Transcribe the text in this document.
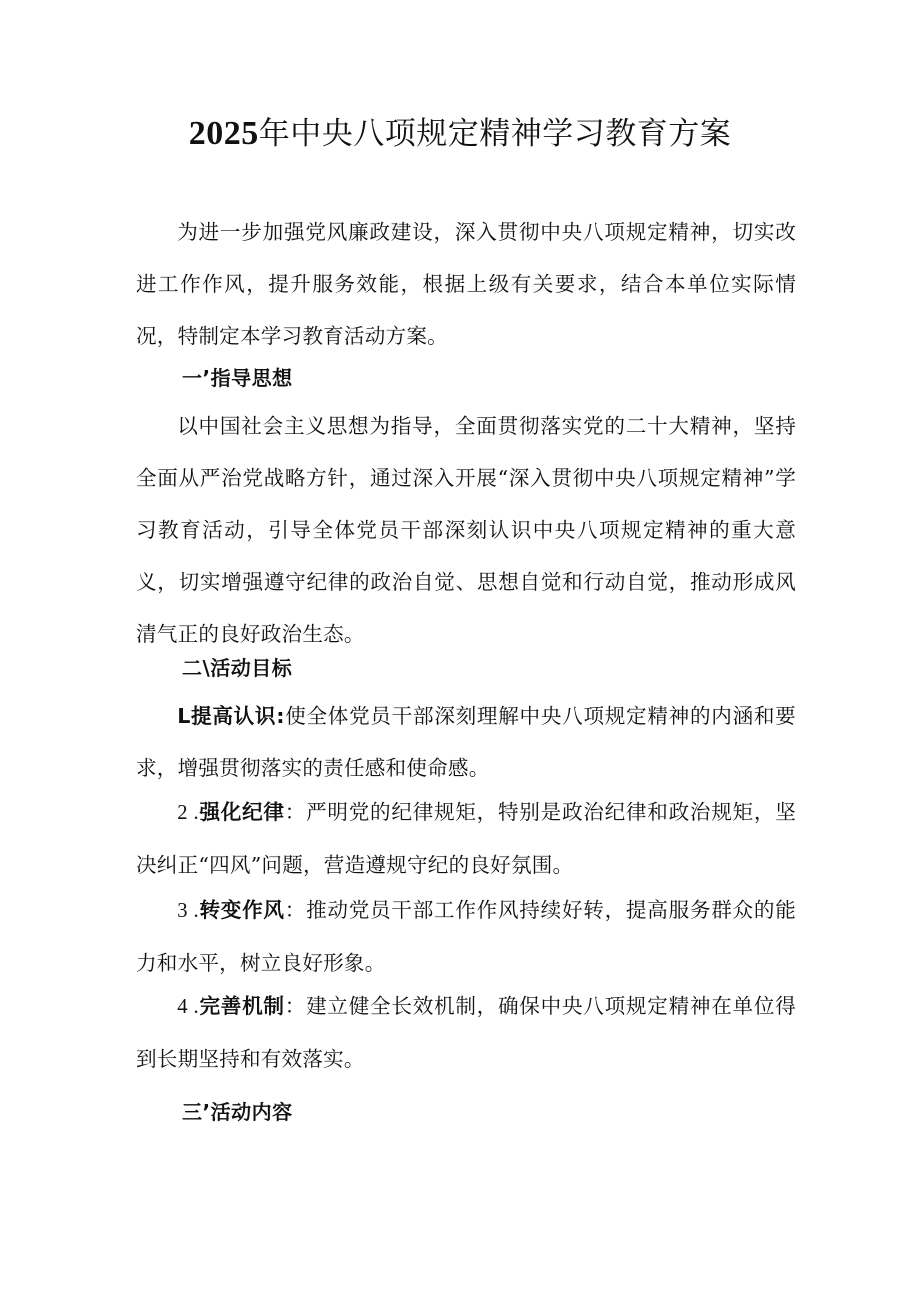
2025年中央八项规定精神学习教育方案

为进一步加强党风廉政建设，深入贯彻中央八项规定精神，切实改进工作作风，提升服务效能，根据上级有关要求，结合本单位实际情况，特制定本学习教育活动方案。

一’指导思想

以中国社会主义思想为指导，全面贯彻落实党的二十大精神，坚持全面从严治党战略方针，通过深入开展“深入贯彻中央八项规定精神”学习教育活动，引导全体党员干部深刻认识中央八项规定精神的重大意义，切实增强遵守纪律的政治自觉、思想自觉和行动自觉，推动形成风清气正的良好政治生态。

二\活动目标

L提高认识:使全体党员干部深刻理解中央八项规定精神的内涵和要求，增强贯彻落实的责任感和使命感。

2 .强化纪律：严明党的纪律规矩，特别是政治纪律和政治规矩，坚决纠正“四风”问题，营造遵规守纪的良好氛围。

3 .转变作风：推动党员干部工作作风持续好转，提高服务群众的能力和水平，树立良好形象。

4 .完善机制：建立健全长效机制，确保中央八项规定精神在单位得到长期坚持和有效落实。

三’活动内容
